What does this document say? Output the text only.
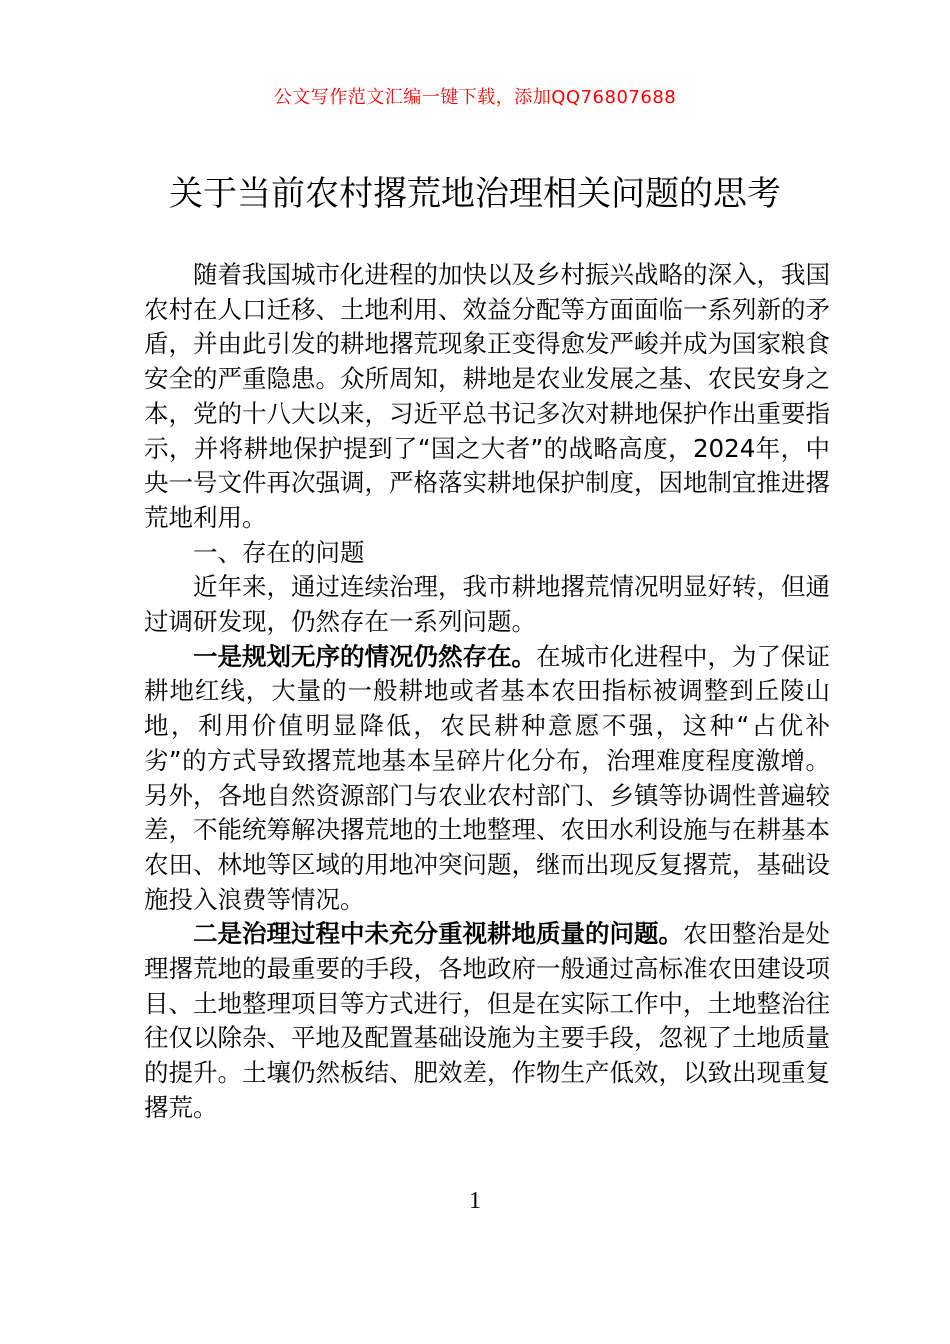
公文写作范文汇编一键下载，添加QQ76807688
关于当前农村撂荒地治理相关问题的思考

随着我国城市化进程的加快以及乡村振兴战略的深入，我国农村在人口迁移、土地利用、效益分配等方面面临一系列新的矛盾，并由此引发的耕地撂荒现象正变得愈发严峻并成为国家粮食安全的严重隐患。众所周知，耕地是农业发展之基、农民安身之本，党的十八大以来，习近平总书记多次对耕地保护作出重要指示，并将耕地保护提到了“国之大者”的战略高度，2024年，中央一号文件再次强调，严格落实耕地保护制度，因地制宜推进撂荒地利用。

一、存在的问题

近年来，通过连续治理，我市耕地撂荒情况明显好转，但通过调研发现，仍然存在一系列问题。

一是规划无序的情况仍然存在。在城市化进程中，为了保证耕地红线，大量的一般耕地或者基本农田指标被调整到丘陵山地，利用价值明显降低，农民耕种意愿不强，这种“占优补劣”的方式导致撂荒地基本呈碎片化分布，治理难度程度激增。另外，各地自然资源部门与农业农村部门、乡镇等协调性普遍较差，不能统筹解决撂荒地的土地整理、农田水利设施与在耕基本农田、林地等区域的用地冲突问题，继而出现反复撂荒，基础设施投入浪费等情况。

二是治理过程中未充分重视耕地质量的问题。农田整治是处理撂荒地的最重要的手段，各地政府一般通过高标准农田建设项目、土地整理项目等方式进行，但是在实际工作中，土地整治往往仅以除杂、平地及配置基础设施为主要手段，忽视了土地质量的提升。土壤仍然板结、肥效差，作物生产低效，以致出现重复撂荒。

1
